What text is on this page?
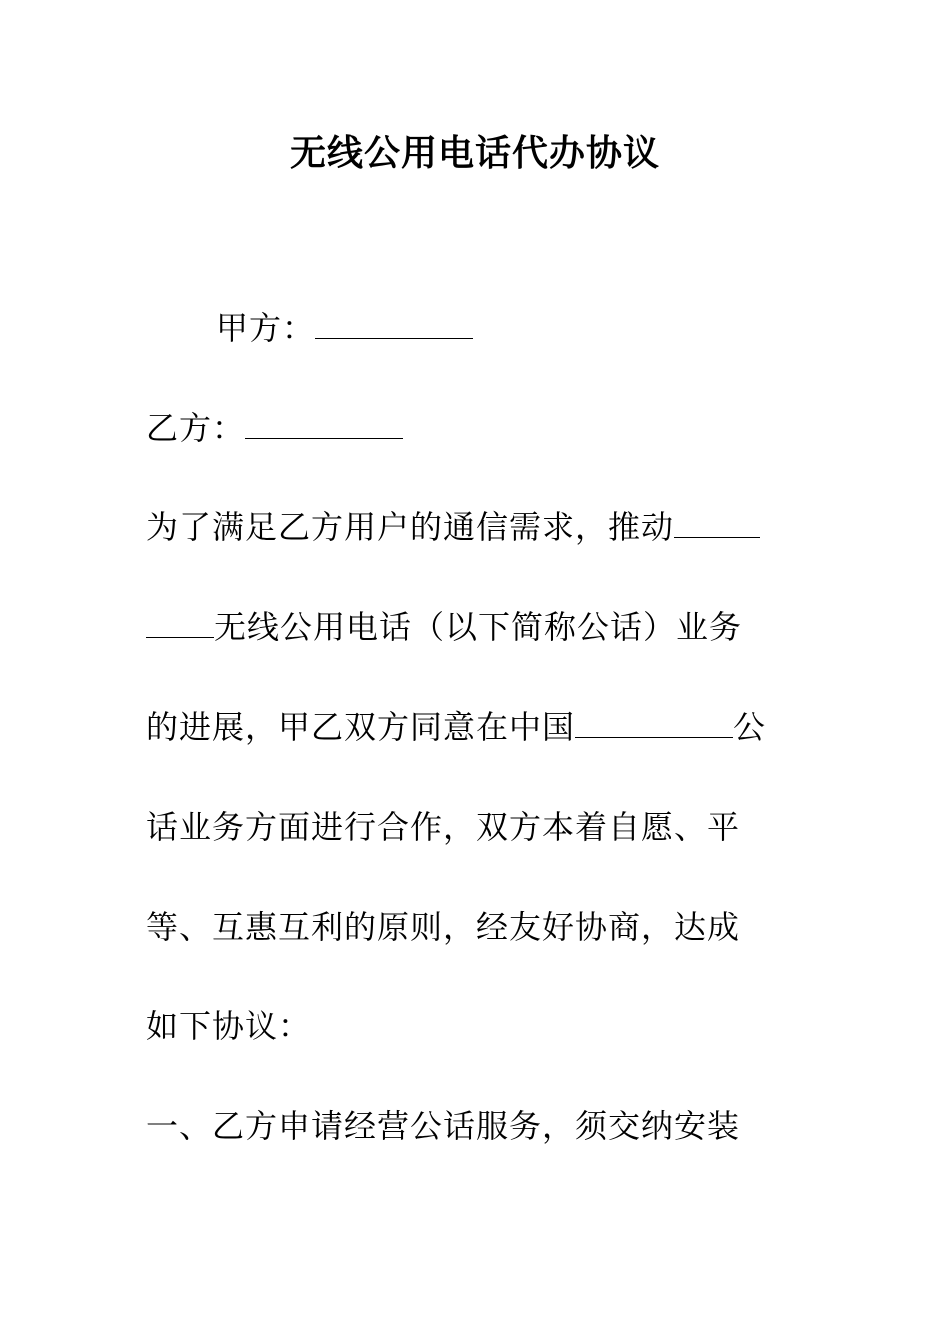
无线公用电话代办协议
甲方：
乙方：
为了满足乙方用户的通信需求，推动
无线公用电话（以下简称公话）业务
的进展，甲乙双方同意在中国	公
话业务方面进行合作，双方本着自愿、平
等、互惠互利的原则，经友好协商，达成
如下协议：
一、乙方申请经营公话服务，须交纳安装
